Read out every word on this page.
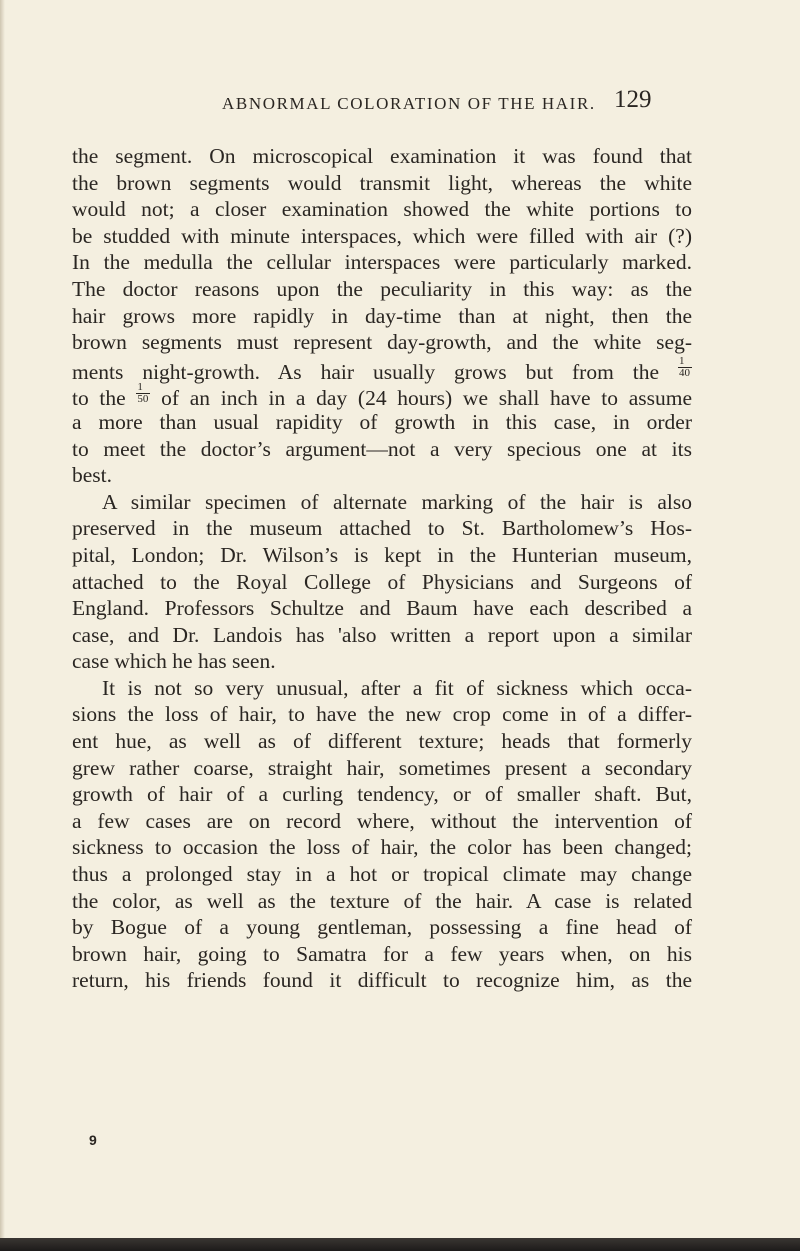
ABNORMAL COLORATION OF THE HAIR. 129
the segment. On microscopical examination it was found that
the brown segments would transmit light, whereas the white
would not; a closer examination showed the white portions to
be studded with minute interspaces, which were filled with air (?)
In the medulla the cellular interspaces were particularly marked.
The doctor reasons upon the peculiarity in this way: as the
hair grows more rapidly in day-time than at night, then the
brown segments must represent day-growth, and the white seg-
ments night-growth. As hair usually grows but from the $\frac{1}{40}$
to the $\frac{1}{50}$ of an inch in a day (24 hours) we shall have to assume
a more than usual rapidity of growth in this case, in order
to meet the doctor’s argument—not a very specious one at its
best.
A similar specimen of alternate marking of the hair is also
preserved in the museum attached to St. Bartholomew’s Hos-
pital, London; Dr. Wilson’s is kept in the Hunterian museum,
attached to the Royal College of Physicians and Surgeons of
England. Professors Schultze and Baum have each described a
case, and Dr. Landois has 'also written a report upon a similar
case which he has seen.
It is not so very unusual, after a fit of sickness which occa-
sions the loss of hair, to have the new crop come in of a differ-
ent hue, as well as of different texture; heads that formerly
grew rather coarse, straight hair, sometimes present a secondary
growth of hair of a curling tendency, or of smaller shaft. But,
a few cases are on record where, without the intervention of
sickness to occasion the loss of hair, the color has been changed;
thus a prolonged stay in a hot or tropical climate may change
the color, as well as the texture of the hair. A case is related
by Bogue of a young gentleman, possessing a fine head of
brown hair, going to Samatra for a few years when, on his
return, his friends found it difficult to recognize him, as the
9
